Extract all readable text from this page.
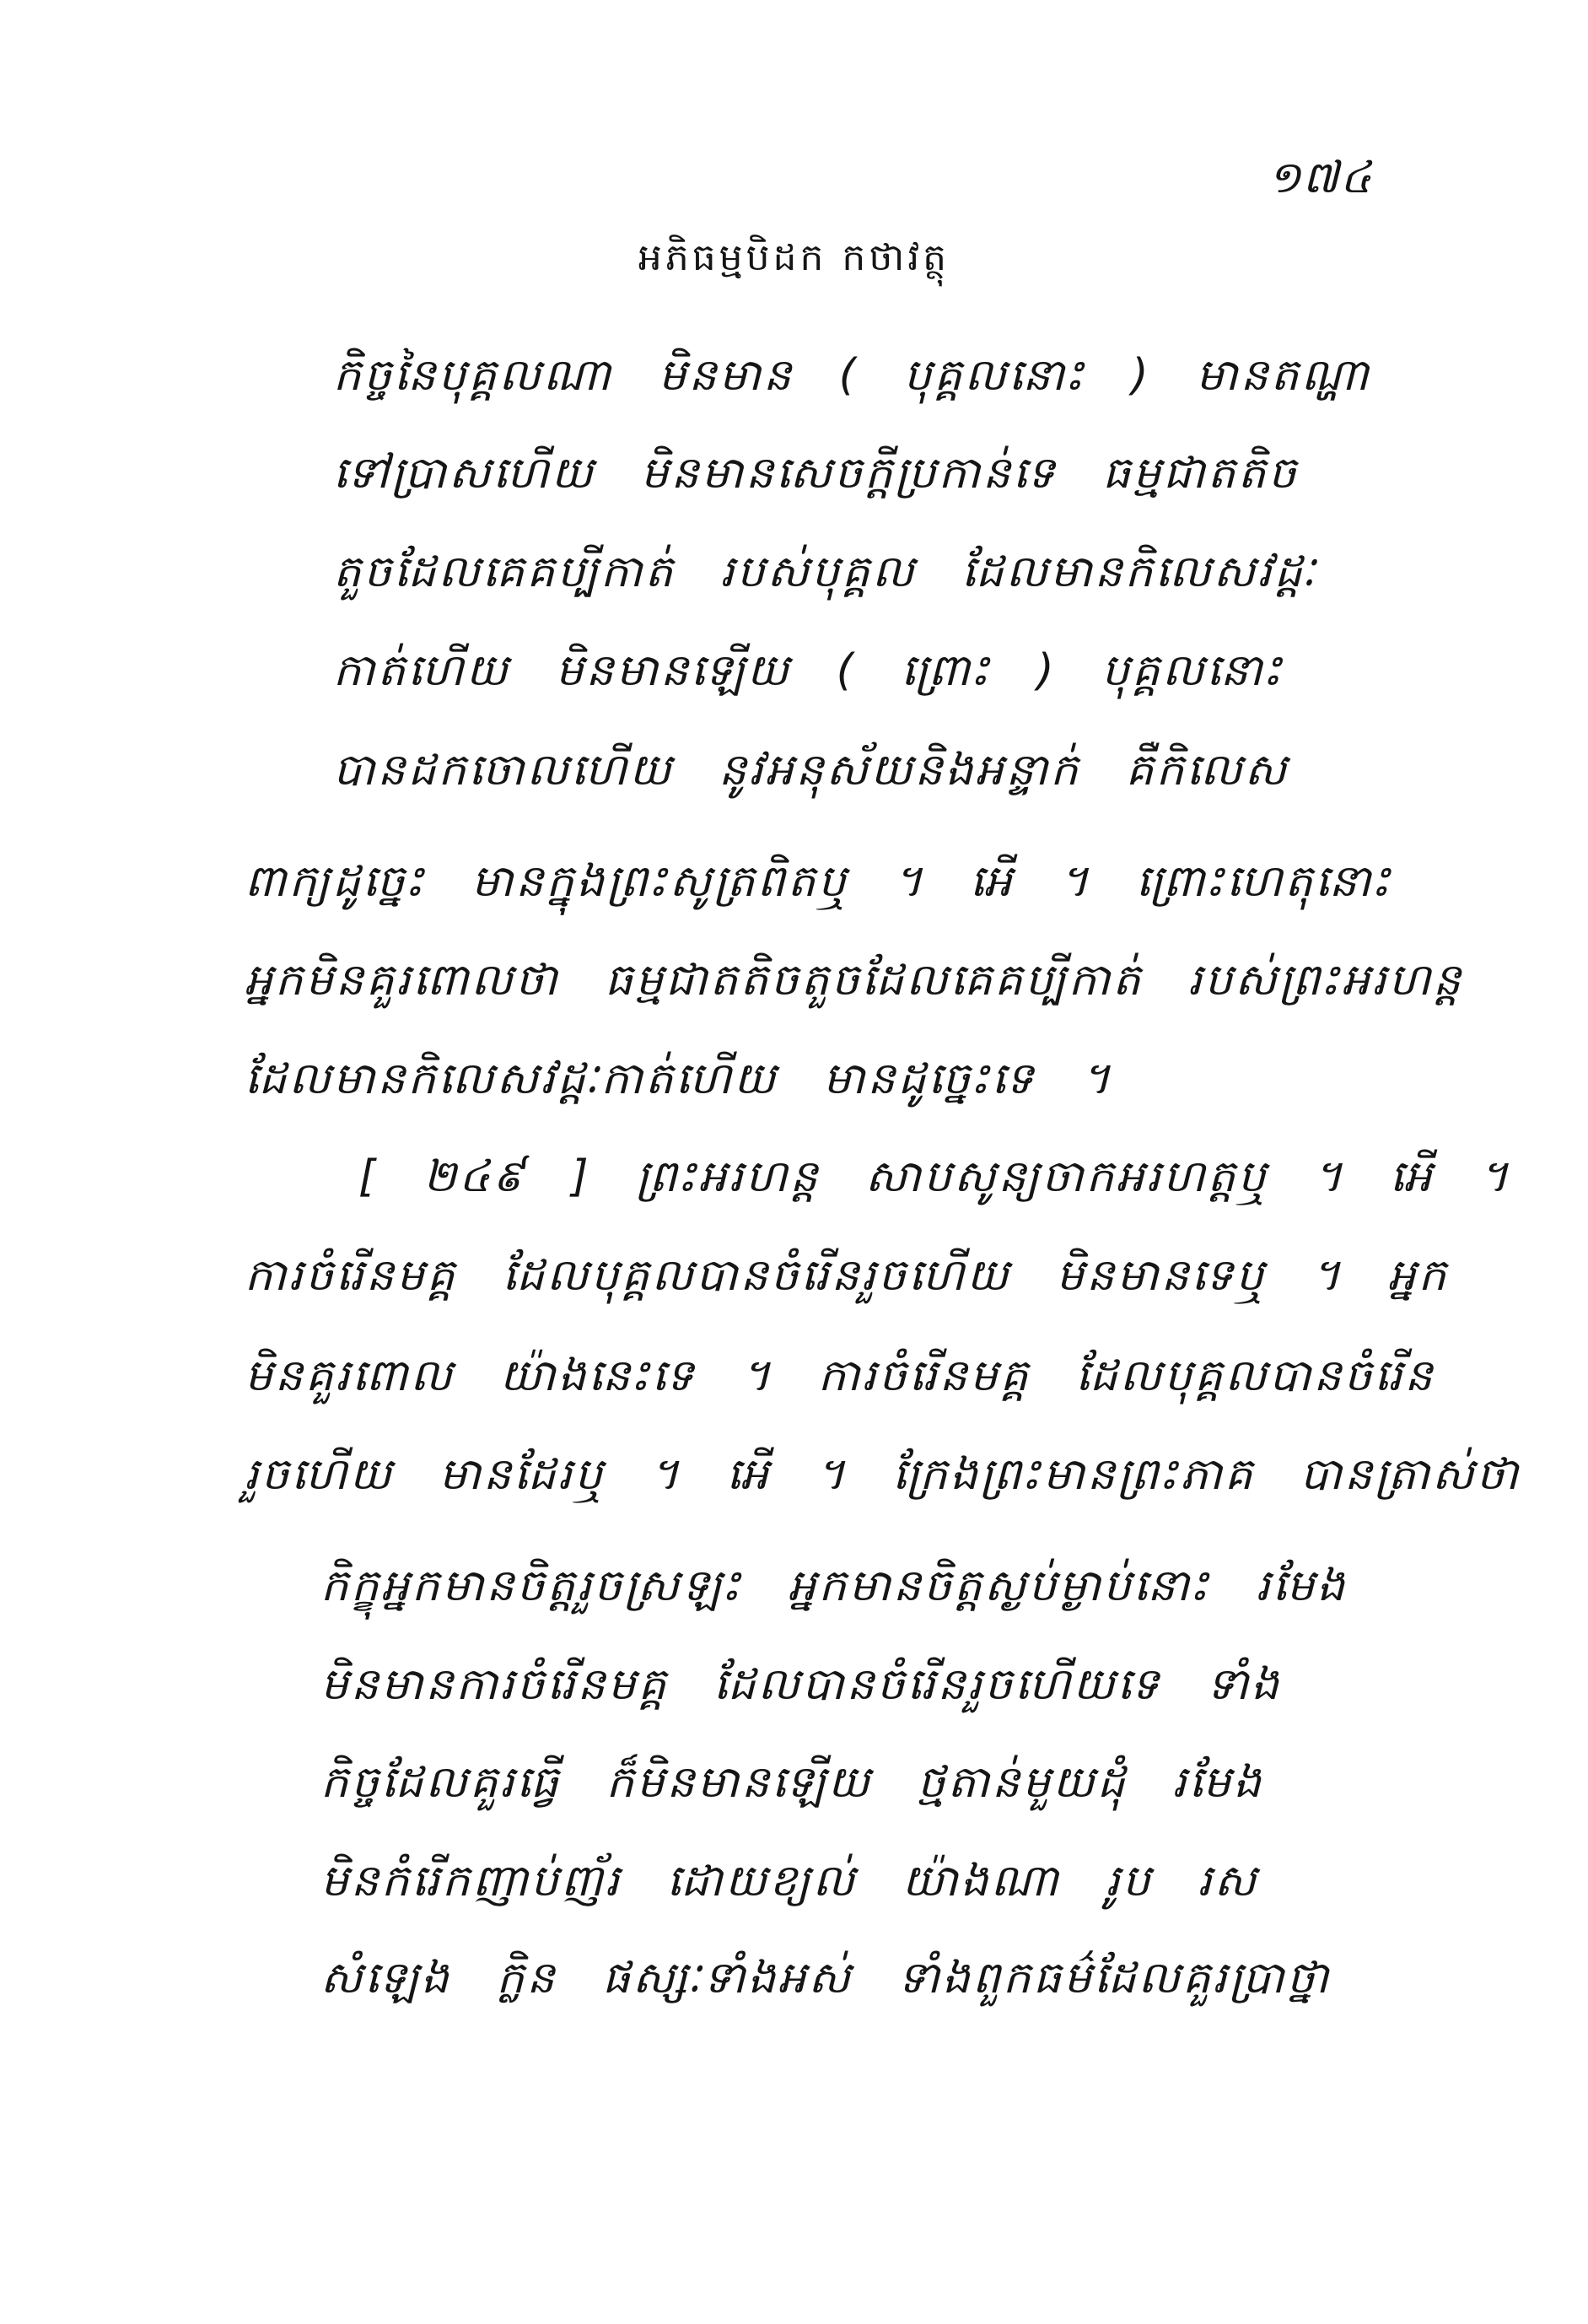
១៧៤
អភិធម្មបិដក កថាវត្ថុ
កិច្ចនៃបុគ្គលណា មិនមាន ( បុគ្គលនោះ ) មានតណ្ហា
ទៅប្រាសហើយ មិនមានសេចក្តីប្រកាន់ទេ ធម្មជាតតិច
តួចដែលគេគប្បីកាត់ របស់បុគ្គល ដែលមានកិលេសវដ្តៈ
កាត់ហើយ មិនមានឡើយ ( ព្រោះ ) បុគ្គលនោះ
បានដកចោលហើយ នូវអនុស័យនិងអន្ទាក់ គឺកិលេស
ពាក្យដូច្នេះ មានក្នុងព្រះសូត្រពិតឬ ។ អើ ។ ព្រោះហេតុនោះ
អ្នកមិនគួរពោលថា ធម្មជាតតិចតួចដែលគេគប្បីកាត់ របស់ព្រះអរហន្ត
ដែលមានកិលេសវដ្តៈកាត់ហើយ មានដូច្នេះទេ ។
[ ២៤៩ ] ព្រះអរហន្ត សាបសូន្យចាកអរហត្តឬ ។ អើ ។
ការចំរើនមគ្គ ដែលបុគ្គលបានចំរើនរួចហើយ មិនមានទេឬ ។ អ្នក
មិនគួរពោល យ៉ាងនេះទេ ។ ការចំរើនមគ្គ ដែលបុគ្គលបានចំរើន
រួចហើយ មានដែរឬ ។ អើ ។ ក្រែងព្រះមានព្រះភាគ បានត្រាស់ថា
កិក្ខុអ្នកមានចិត្តរួចស្រឡះ អ្នកមានចិត្តស្ងប់ម្ងាប់នោះ រមែង
មិនមានការចំរើនមគ្គ ដែលបានចំរើនរួចហើយទេ ទាំង
កិច្ចដែលគួរធ្វើ ក៏មិនមានឡើយ ថ្មតាន់មួយដុំ រមែង
មិនកំរើកញាប់ញ័រ ដោយខ្យល់ យ៉ាងណា រូប រស
សំឡេង ក្លិន ផស្សៈទាំងអស់ ទាំងពួកធម៌ដែលគួរប្រាថ្នា
